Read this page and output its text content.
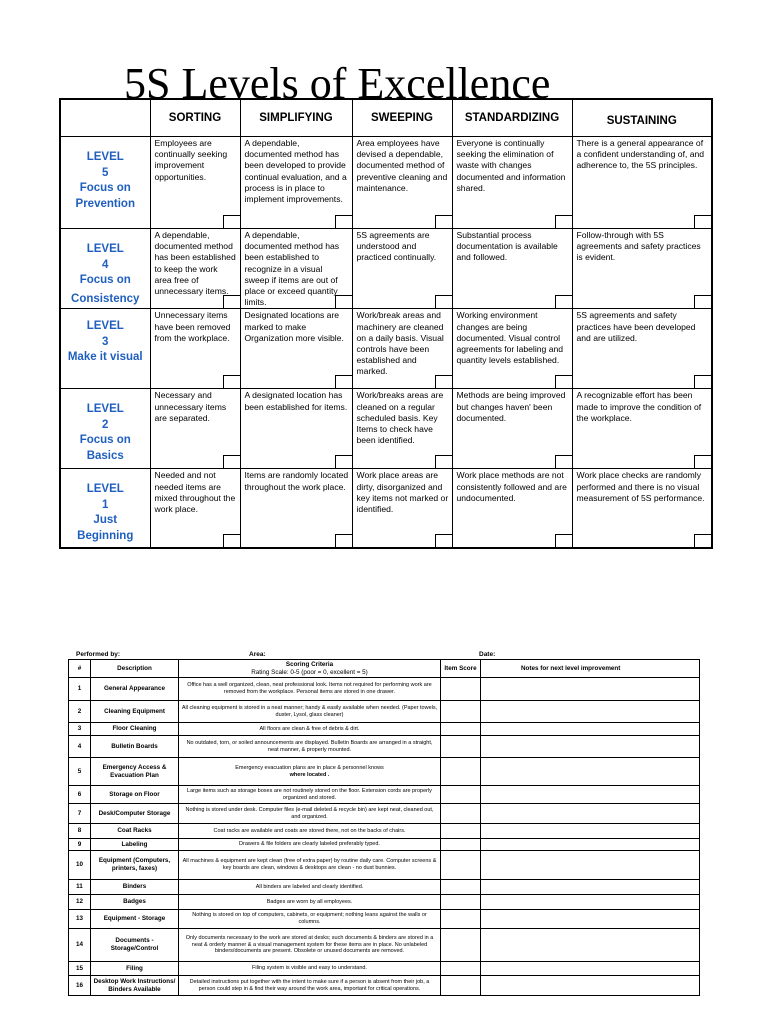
5S Levels of Excellence
	SORTING	SIMPLIFYING	SWEEPING	STANDARDIZING	SUSTAINING

LEVEL
5
Focus on
Prevention	Employees are continually seeking improvement opportunities.	A dependable, documented method has been developed to provide continual evaluation, and a process is in place to implement improvements.	Area employees have devised a dependable, documented method of preventive cleaning and maintenance.	Everyone is continually seeking the elimination of waste with changes documented and information shared.	There is a general appearance of a confident understanding of, and adherence to, the 5S principles.

LEVEL
4
Focus on
Consistency	A dependable, documented method has been established to keep the work area free of unnecessary items.	A dependable, documented method has been established to recognize in a visual sweep if items are out of place or exceed quantity limits.	5S agreements are understood and practiced continually.	Substantial process documentation is available and followed.	Follow-through with 5S agreements and safety practices is evident.

LEVEL
3
Make it visual	Unnecessary items have been removed from the workplace.	Designated locations are marked to make Organization more visible.	Work/break areas and machinery are cleaned on a daily basis. Visual controls have been established and marked.	Working environment changes are being documented. Visual control agreements for labeling and quantity levels established.	5S agreements and safety practices have been developed and are utilized.

LEVEL
2
Focus on
Basics	Necessary and unnecessary items are separated.	A designated location has been established for items.	Work/breaks areas are cleaned on a regular scheduled basis. Key Items to check have been identified.	Methods are being improved but changes haven' been documented.	A recognizable effort has been made to improve the condition of the workplace.

LEVEL
1
Just
Beginning	Needed and not needed items are mixed throughout the work place.	Items are randomly located throughout the work place.	Work place areas are dirty, disorganized and key items not marked or identified.	Work place methods are not consistently followed and are undocumented.	Work place checks are randomly performed and there is no visual measurement of 5S performance.
Performed by:	Area:	Date:
#	Description	Scoring Criteria
Rating Scale: 0-5 (poor = 0, excellent = 5)	Item Score	Notes for next level improvement
1	General Appearance	Office has a well organized, clean, neat professional look. Items not required for performing work are removed from the workplace. Personal items are stored in one drawer.		

2	Cleaning Equipment	All cleaning equipment is stored in a neat manner; handy & easily available when needed. (Paper towels, duster, Lysol, glass cleaner)		

3	Floor Cleaning	All floors are clean & free of debris & dirt.		

4	Bulletin Boards	No outdated, torn, or soiled announcements are displayed. Bulletin Boards are arranged in a straight, neat manner, & properly mounted.		

5	Emergency Access & Evacuation Plan	Emergency evacuation plans are in place & personnel knows
where located .		

6	Storage on Floor	Large items such as storage boxes are not routinely stored on the floor. Extension cords are properly organized and stored.		

7	Desk/Computer Storage	Nothing is stored under desk. Computer files (e-mail deleted & recycle bin) are kept neat, cleaned out, and organized.		

8	Coat Racks	Coat racks are available and coats are stored there, not on the backs of chairs.		

9	Labeling	Drawers & file folders are clearly labeled preferably typed.		

10	Equipment (Computers, printers, faxes)	All machines & equipment are kept clean (free of extra paper) by routine daily care. Computer screens & key boards are clean, windows & desktops are clean - no dust bunnies.		

11	Binders	All binders are labeled and clearly identified.		

12	Badges	Badges are worn by all employees.		

13	Equipment - Storage	Nothing is stored on top of computers, cabinets, or equipment; nothing leans against the walls or columns.		

14	Documents - Storage/Control	Only documents necessary to the work are stored at desks; such documents & binders are stored in a neat & orderly manner & a visual management system for these items are in place. No unlabeled binders/documents are present. Obsolete or unused documents are removed.		

15	Filing	Filing system is visible and easy to understand.		

16	Desktop Work Instructions/ Binders Available	Detailed instructions put together with the intent to make sure if a person is absent from their job, a person could step in & find their way around the work area, important for critical operations.		
